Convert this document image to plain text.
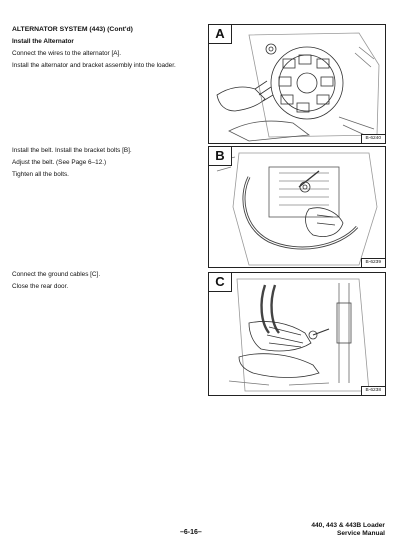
ALTERNATOR SYSTEM (443) (Cont'd)

Install the Alternator

Connect the wires to the alternator [A].

Install the alternator and bracket assembly into the loader.

Install the belt. Install the bracket bolts [B].

Adjust the belt. (See Page 6–12.)

Tighten all the bolts.

Connect the ground cables [C].

Close the rear door.

A
B-6240
B
B-6239
C
B-6238
–6-16–
440, 443 & 443B Loader
Service Manual
